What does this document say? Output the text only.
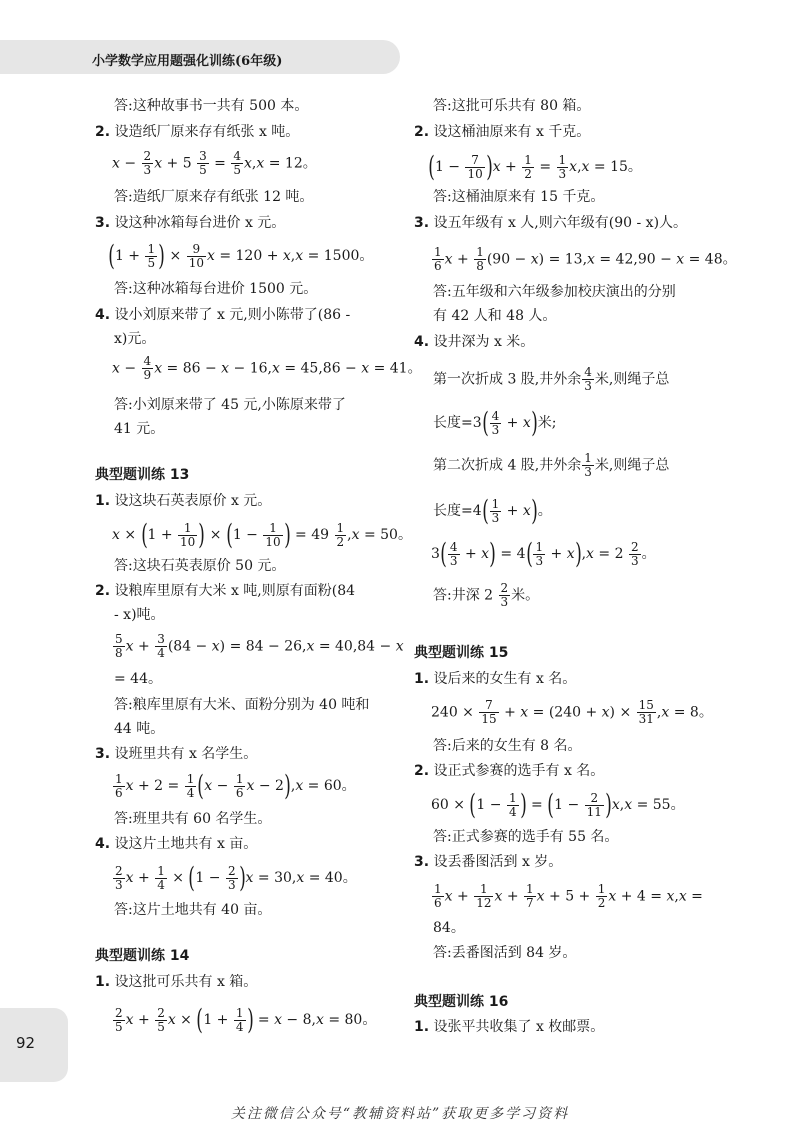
小学数学应用题强化训练(6年级)
答:这种故事书一共有 500 本。
2. 设造纸厂原来存有纸张 x 吨。
$x - \frac{2}{3}$ $x + 5 \frac{3}{5} = \frac{4}{5} x,x = 12$。
答:造纸厂原来存有纸张 12 吨。
3. 设这种冰箱每台进价 x 元。
($1 + \frac{1}{5}$ ) × $\frac{9}{10}$ x = 120 + x,x = 1500。
答:这种冰箱每台进价 1500 元。
4. 设小刘原来带了 x 元,则小陈带了(86 -
x)元。
$x - \frac{4}{9}$ x = 86 − x − 16,x = 45,86 − x = 41。
答:小刘原来带了 45 元,小陈原来带了
41 元。
典型题训练 13
1. 设这块石英表原价 x 元。
$x \times (1 + \frac{1}{10}$ ) × ($1 - \frac{1}{10}$ ) = $49 \frac{1}{2} ,x = 50$。
答:这块石英表原价 50 元。
2. 设粮库里原有大米 x 吨,则原有面粉(84
- x)吨。
$\frac{5}{8}$ $x + \frac{3}{4} (84 - x) = 84 - 26,x = 40,84 - x$
= 44。
答:粮库里原有大米、面粉分别为 40 吨和
44 吨。
3. 设班里共有 x 名学生。
$\frac{1}{6}$ $x + 2 = \frac{1}{4} (x - \frac{1}{6}$ x − 2),x = 60。
答:班里共有 60 名学生。
4. 设这片土地共有 x 亩。
$\frac{2}{3}$ $x + \frac{1}{4} \times (1 - \frac{2}{3} )x = 30,x = 40$。
答:这片土地共有 40 亩。
典型题训练 14
1. 设这批可乐共有 x 箱。
$\frac{2}{5}$ $x + \frac{2}{5}$ $x \times (1 + \frac{1}{4}$ ) = x − 8,x = 80。
答:这批可乐共有 80 箱。
2. 设这桶油原来有 x 千克。
$(1 - \frac{7}{10} )x + \frac{1}{2} = \frac{1}{3} x,x = 15$。
答:这桶油原来有 15 千克。
3. 设五年级有 x 人,则六年级有(90 - x)人。
$\frac{1}{6}$ $x + \frac{1}{8} (90 - x) = 13,x = 42,90 - x = 48$。
答:五年级和六年级参加校庆演出的分别
有 42 人和 48 人。
4. 设井深为 x 米。
第一次折成 3 股,井外余 $\frac{4}{3}$ 米,则绳子总
长度$=3( \frac{4}{3} + x)$米;
第二次折成 4 股,井外余 $\frac{1}{3}$ 米,则绳子总
长度$=4( \frac{1}{3} + x)$。
$3( \frac{4}{3} + x) = 4( \frac{1}{3} + x),x = 2 \frac{2}{3}$ 。
答:井深 $2 \frac{2}{3}$ 米。
典型题训练 15
1. 设后来的女生有 x 名。
$240 \times \frac{7}{15} + x = (240 + x) \times \frac{15}{31} ,x = 8$。
答:后来的女生有 8 名。
2. 设正式参赛的选手有 x 名。
$60 \times (1 - \frac{1}{4}$ ) = $(1 - \frac{2}{11} )x,x = 55$。
答:正式参赛的选手有 55 名。
3. 设丢番图活到 x 岁。
$\frac{1}{6}$ $x + \frac{1}{12}$ $x + \frac{1}{7}$ $x + 5 + \frac{1}{2}$ x + 4 = x,x =
84。
答:丢番图活到 84 岁。
典型题训练 16
1. 设张平共收集了 x 枚邮票。
92
关注微信公众号“教辅资料站”获取更多学习资料
